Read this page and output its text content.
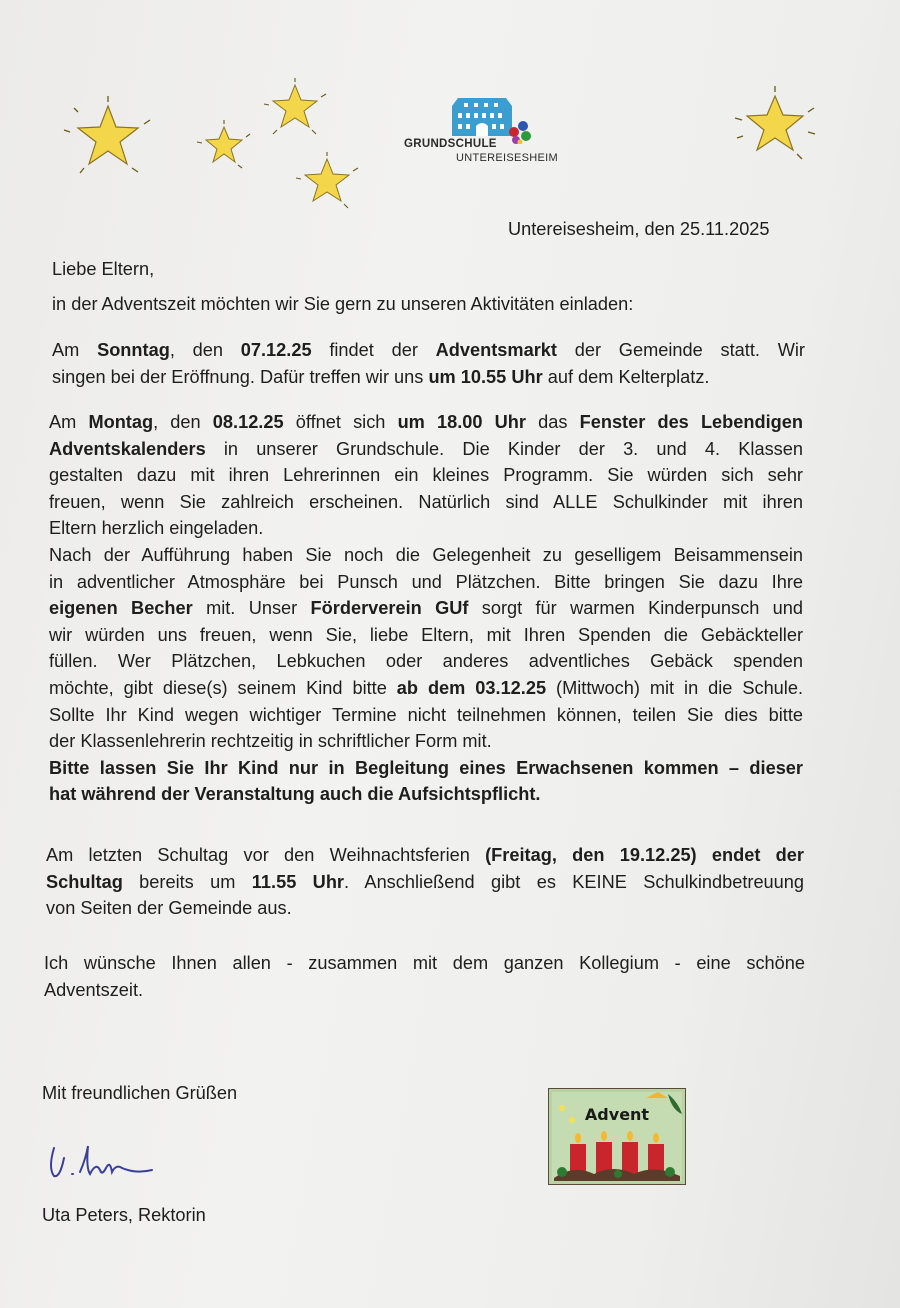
GRUNDSCHULE
UNTEREISESHEIM
Untereisesheim, den 25.11.2025
Liebe Eltern,
in der Adventszeit möchten wir Sie gern zu unseren Aktivitäten einladen:
Am Sonntag, den 07.12.25 findet der Adventsmarkt der Gemeinde statt. Wir
singen bei der Eröffnung. Dafür treffen wir uns um 10.55 Uhr auf dem Kelterplatz.
Am Montag, den 08.12.25 öffnet sich um 18.00 Uhr das Fenster des Lebendigen
Adventskalenders in unserer Grundschule. Die Kinder der 3. und 4. Klassen
gestalten dazu mit ihren Lehrerinnen ein kleines Programm. Sie würden sich sehr
freuen, wenn Sie zahlreich erscheinen. Natürlich sind ALLE Schulkinder mit ihren
Eltern herzlich eingeladen.
Nach der Aufführung haben Sie noch die Gelegenheit zu geselligem Beisammensein
in adventlicher Atmosphäre bei Punsch und Plätzchen. Bitte bringen Sie dazu Ihre
eigenen Becher mit. Unser Förderverein GUf sorgt für warmen Kinderpunsch und
wir würden uns freuen, wenn Sie, liebe Eltern, mit Ihren Spenden die Gebäckteller
füllen. Wer Plätzchen, Lebkuchen oder anderes adventliches Gebäck spenden
möchte, gibt diese(s) seinem Kind bitte ab dem 03.12.25 (Mittwoch) mit in die Schule.
Sollte Ihr Kind wegen wichtiger Termine nicht teilnehmen können, teilen Sie dies bitte
der Klassenlehrerin rechtzeitig in schriftlicher Form mit.
Bitte lassen Sie Ihr Kind nur in Begleitung eines Erwachsenen kommen – dieser
hat während der Veranstaltung auch die Aufsichtspflicht.
Am letzten Schultag vor den Weihnachtsferien (Freitag, den 19.12.25) endet der
Schultag bereits um 11.55 Uhr. Anschließend gibt es KEINE Schulkindbetreuung
von Seiten der Gemeinde aus.
Ich wünsche Ihnen allen - zusammen mit dem ganzen Kollegium - eine schöne
Adventszeit.
Mit freundlichen Grüßen
Uta Peters, Rektorin
Advent
